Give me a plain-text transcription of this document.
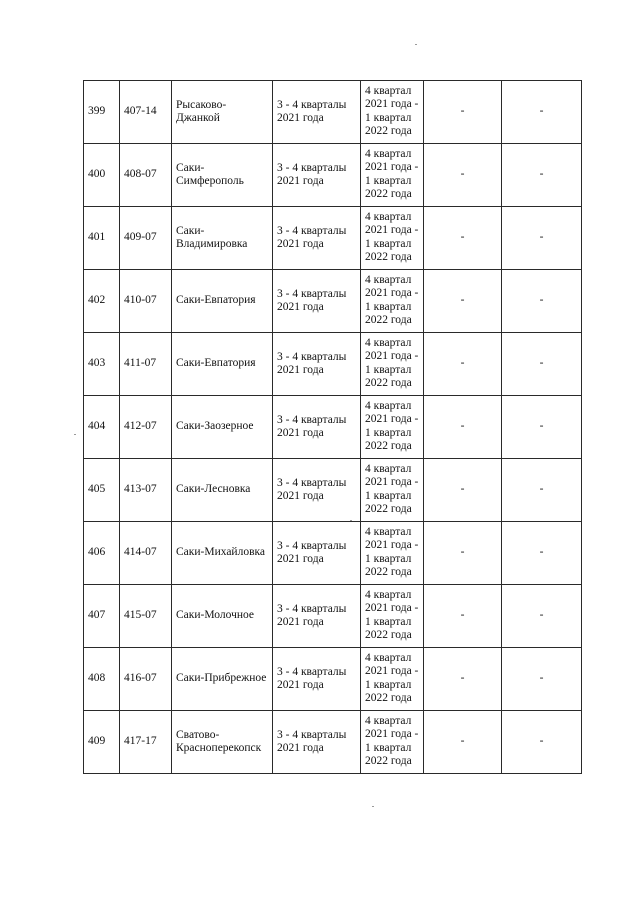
399	407-14	Рысаково-Джанкой	3 - 4 кварталы 2021 года	4 квартал 2021 года - 1 квартал 2022 года	-	-
400	408-07	Саки-Симферополь	3 - 4 кварталы 2021 года	4 квартал 2021 года - 1 квартал 2022 года	-	-
401	409-07	Саки-Владимировка	3 - 4 кварталы 2021 года	4 квартал 2021 года - 1 квартал 2022 года	-	-
402	410-07	Саки-Евпатория	3 - 4 кварталы 2021 года	4 квартал 2021 года - 1 квартал 2022 года	-	-
403	411-07	Саки-Евпатория	3 - 4 кварталы 2021 года	4 квартал 2021 года - 1 квартал 2022 года	-	-
404	412-07	Саки-Заозерное	3 - 4 кварталы 2021 года	4 квартал 2021 года - 1 квартал 2022 года	-	-
405	413-07	Саки-Лесновка	3 - 4 кварталы 2021 года	4 квартал 2021 года - 1 квартал 2022 года	-	-
406	414-07	Саки-Михайловка	3 - 4 кварталы 2021 года	4 квартал 2021 года - 1 квартал 2022 года	-	-
407	415-07	Саки-Молочное	3 - 4 кварталы 2021 года	4 квартал 2021 года - 1 квартал 2022 года	-	-
408	416-07	Саки-Прибрежное	3 - 4 кварталы 2021 года	4 квартал 2021 года - 1 квартал 2022 года	-	-
409	417-17	Сватово-Красноперекопск	3 - 4 кварталы 2021 года	4 квартал 2021 года - 1 квартал 2022 года	-	-
